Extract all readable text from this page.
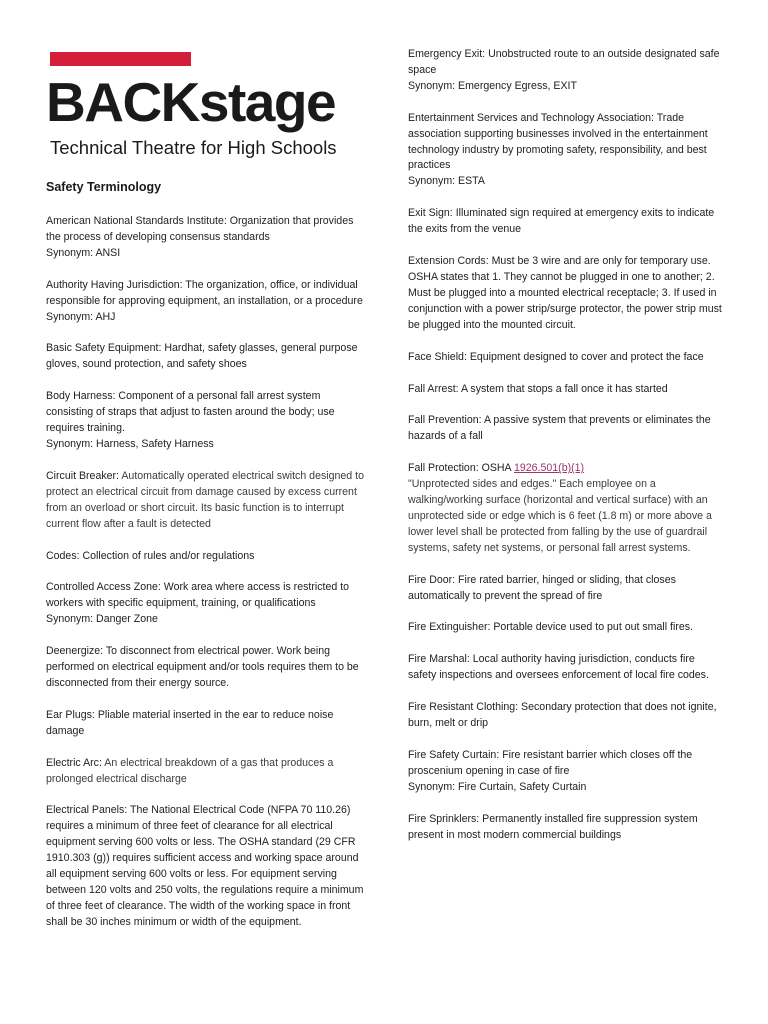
BACKstage
Technical Theatre for High Schools
Safety Terminology

American National Standards Institute: Organization that provides the process of developing consensus standards

Synonym: ANSI

Authority Having Jurisdiction: The organization, office, or individual responsible for approving equipment, an installation, or a procedure

Synonym: AHJ

Basic Safety Equipment: Hardhat, safety glasses, general purpose gloves, sound protection, and safety shoes

Body Harness: Component of a personal fall arrest system consisting of straps that adjust to fasten around the body; use requires training.

Synonym: Harness, Safety Harness

Circuit Breaker: Automatically operated electrical switch designed to protect an electrical circuit from damage caused by excess current from an overload or short circuit. Its basic function is to interrupt current flow after a fault is detected

Codes: Collection of rules and/or regulations

Controlled Access Zone: Work area where access is restricted to workers with specific equipment, training, or qualifications

Synonym: Danger Zone

Deenergize: To disconnect from electrical power. Work being performed on electrical equipment and/or tools requires them to be disconnected from their energy source.

Ear Plugs: Pliable material inserted in the ear to reduce noise damage

Electric Arc: An electrical breakdown of a gas that produces a prolonged electrical discharge

Electrical Panels: The National Electrical Code (NFPA 70 110.26) requires a minimum of three feet of clearance for all electrical equipment serving 600 volts or less. The OSHA standard (29 CFR 1910.303 (g)) requires sufficient access and working space around all equipment serving 600 volts or less. For equipment serving between 120 volts and 250 volts, the regulations require a minimum of three feet of clearance. The width of the working space in front shall be 30 inches minimum or width of the equipment.

Emergency Exit: Unobstructed route to an outside designated safe space

Synonym: Emergency Egress, EXIT

Entertainment Services and Technology Association: Trade association supporting businesses involved in the entertainment technology industry by promoting safety, responsibility, and best practices

Synonym: ESTA

Exit Sign: Illuminated sign required at emergency exits to indicate the exits from the venue

Extension Cords: Must be 3 wire and are only for temporary use. OSHA states that 1. They cannot be plugged in one to another; 2. Must be plugged into a mounted electrical receptacle; 3. If used in conjunction with a power strip/surge protector, the power strip must be plugged into the mounted circuit.

Face Shield: Equipment designed to cover and protect the face

Fall Arrest: A system that stops a fall once it has started

Fall Prevention: A passive system that prevents or eliminates the hazards of a fall

Fall Protection: OSHA 1926.501(b)(1)

"Unprotected sides and edges." Each employee on a walking/working surface (horizontal and vertical surface) with an unprotected side or edge which is 6 feet (1.8 m) or more above a lower level shall be protected from falling by the use of guardrail systems, safety net systems, or personal fall arrest systems.

Fire Door: Fire rated barrier, hinged or sliding, that closes automatically to prevent the spread of fire

Fire Extinguisher: Portable device used to put out small fires.

Fire Marshal: Local authority having jurisdiction, conducts fire safety inspections and oversees enforcement of local fire codes.

Fire Resistant Clothing: Secondary protection that does not ignite, burn, melt or drip

Fire Safety Curtain: Fire resistant barrier which closes off the proscenium opening in case of fire

Synonym: Fire Curtain, Safety Curtain

Fire Sprinklers: Permanently installed fire suppression system present in most modern commercial buildings
